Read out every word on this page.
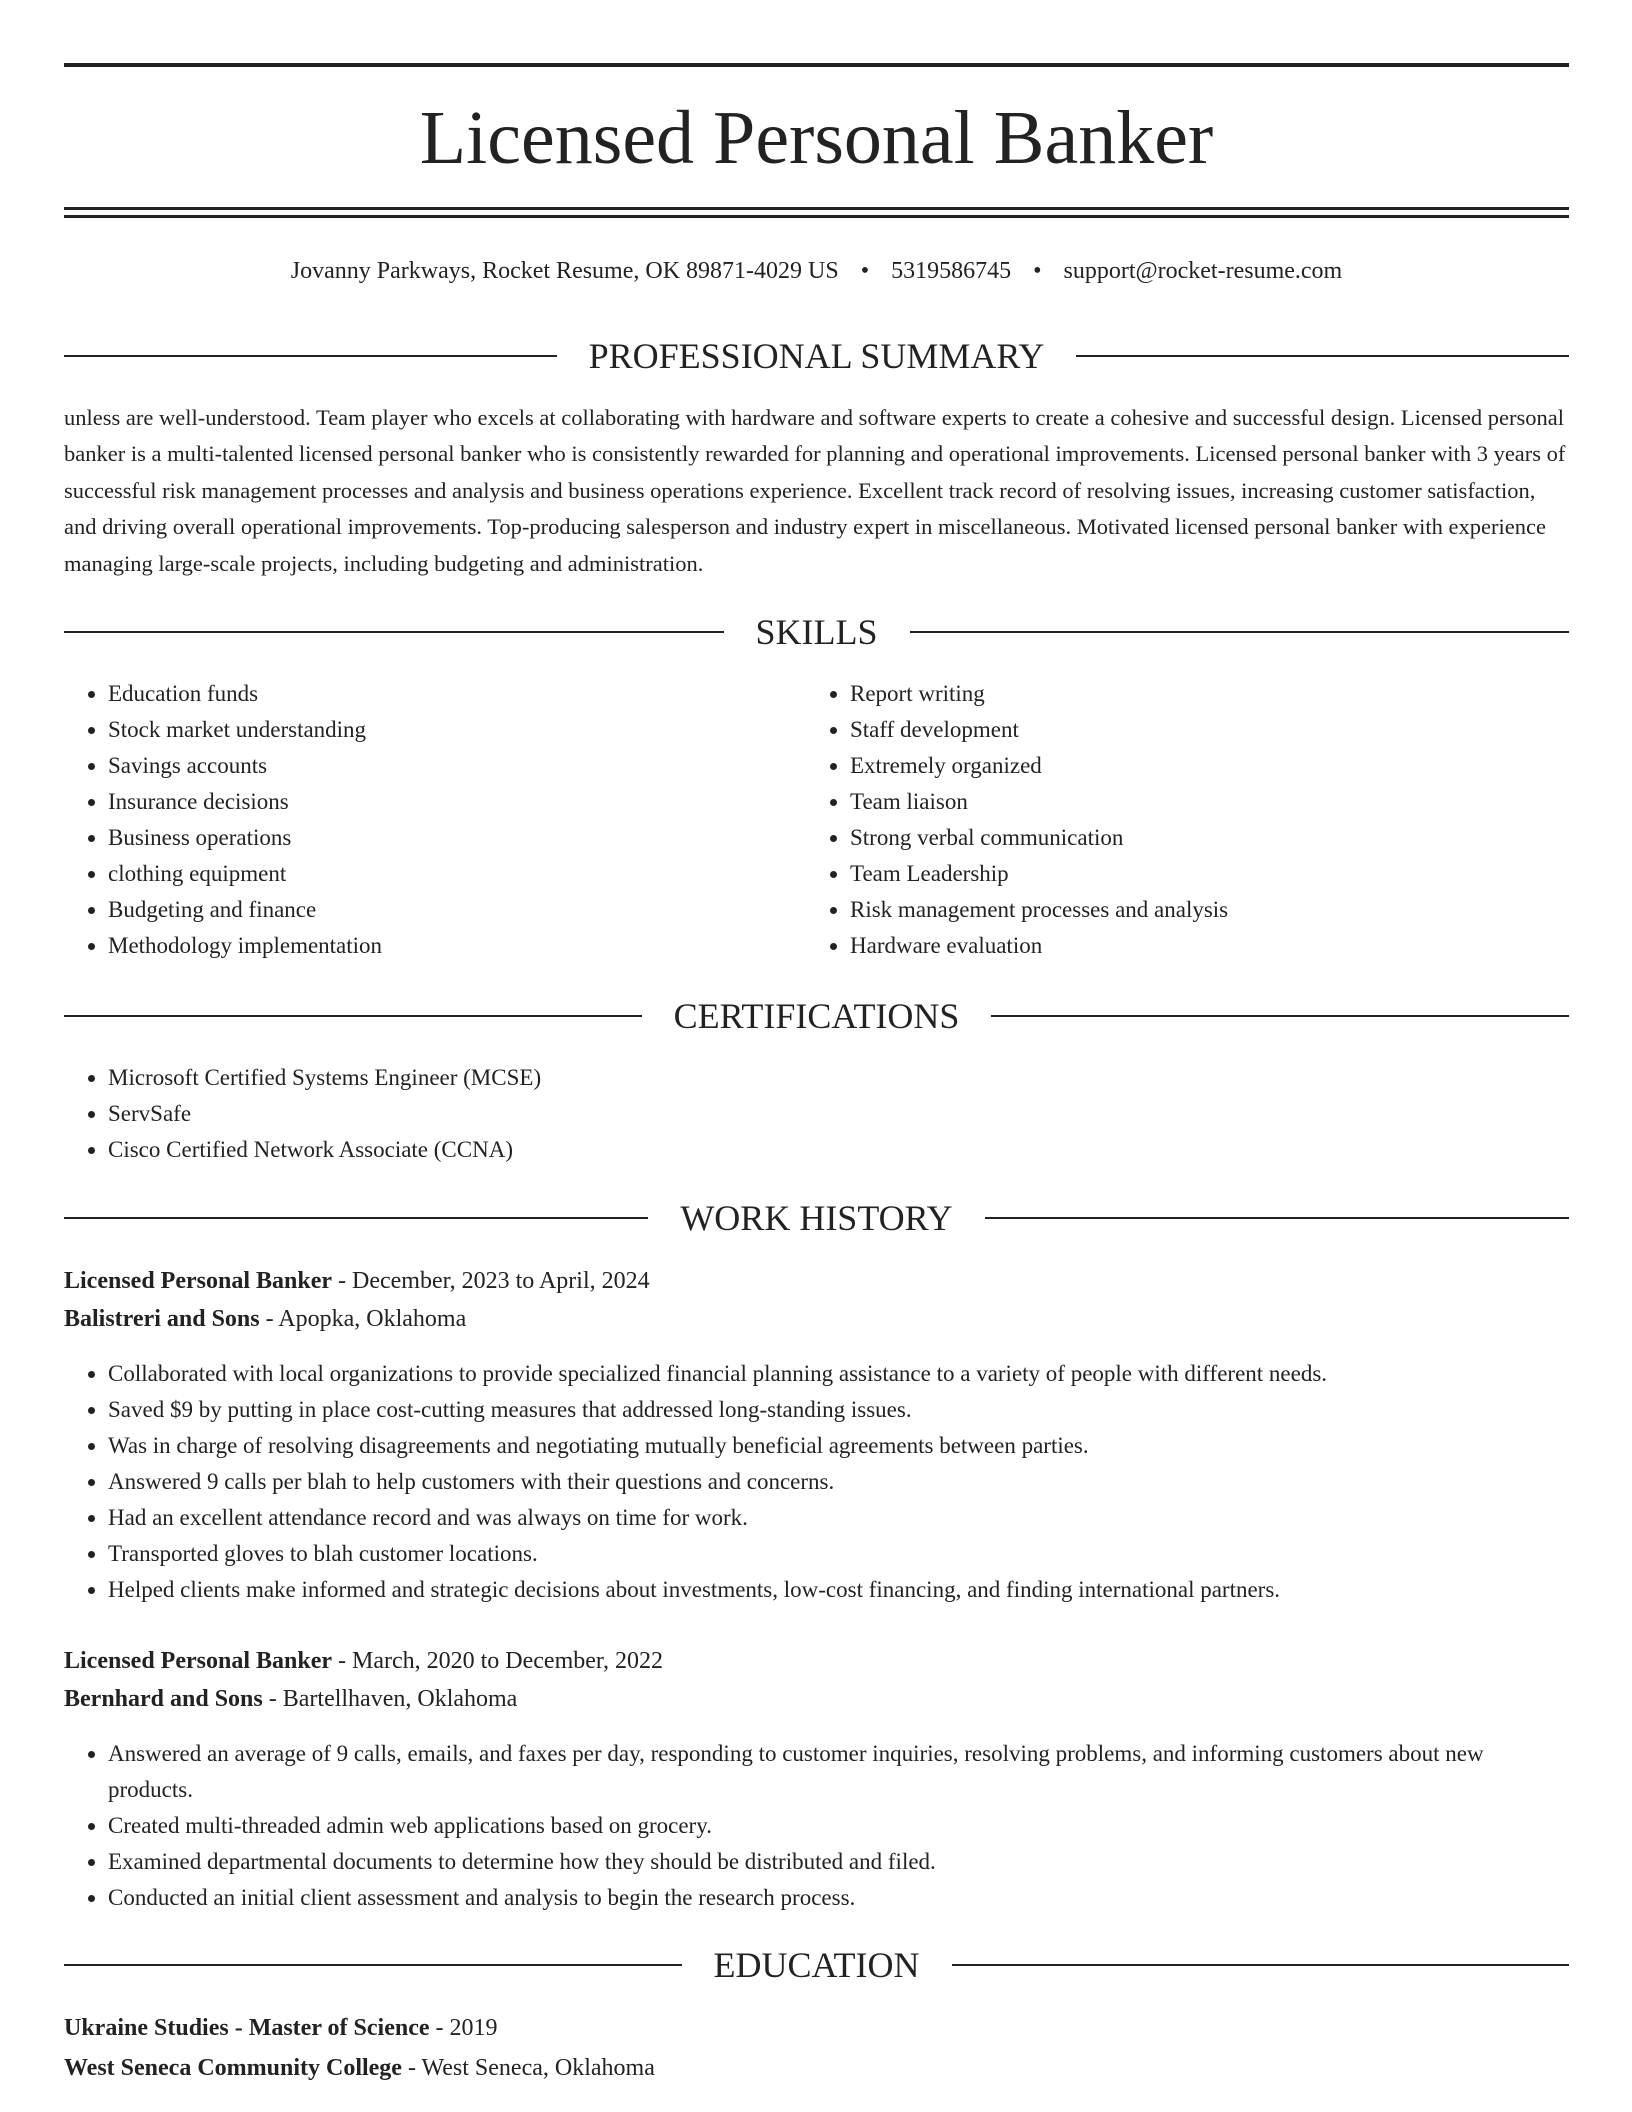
Licensed Personal Banker
Jovanny Parkways, Rocket Resume, OK 89871-4029 US • 5319586745 • support@rocket-resume.com
PROFESSIONAL SUMMARY

unless are well-understood. Team player who excels at collaborating with hardware and software experts to create a cohesive and successful design. Licensed personal banker is a multi-talented licensed personal banker who is consistently rewarded for planning and operational improvements. Licensed personal banker with 3 years of successful risk management processes and analysis and business operations experience. Excellent track record of resolving issues, increasing customer satisfaction, and driving overall operational improvements. Top-producing salesperson and industry expert in miscellaneous. Motivated licensed personal banker with experience managing large-scale projects, including budgeting and administration.

SKILLS
• Education funds
• Stock market understanding
• Savings accounts
• Insurance decisions
• Business operations
• clothing equipment
• Budgeting and finance
• Methodology implementation
• Report writing
• Staff development
• Extremely organized
• Team liaison
• Strong verbal communication
• Team Leadership
• Risk management processes and analysis
• Hardware evaluation
CERTIFICATIONS
• Microsoft Certified Systems Engineer (MCSE)
• ServSafe
• Cisco Certified Network Associate (CCNA)
WORK HISTORY
Licensed Personal Banker - December, 2023 to April, 2024
Balistreri and Sons - Apopka, Oklahoma
• Collaborated with local organizations to provide specialized financial planning assistance to a variety of people with different needs.
• Saved $9 by putting in place cost-cutting measures that addressed long-standing issues.
• Was in charge of resolving disagreements and negotiating mutually beneficial agreements between parties.
• Answered 9 calls per blah to help customers with their questions and concerns.
• Had an excellent attendance record and was always on time for work.
• Transported gloves to blah customer locations.
• Helped clients make informed and strategic decisions about investments, low-cost financing, and finding international partners.
Licensed Personal Banker - March, 2020 to December, 2022
Bernhard and Sons - Bartellhaven, Oklahoma
• Answered an average of 9 calls, emails, and faxes per day, responding to customer inquiries, resolving problems, and informing customers about new products.
• Created multi-threaded admin web applications based on grocery.
• Examined departmental documents to determine how they should be distributed and filed.
• Conducted an initial client assessment and analysis to begin the research process.
EDUCATION
Ukraine Studies - Master of Science - 2019
West Seneca Community College - West Seneca, Oklahoma
